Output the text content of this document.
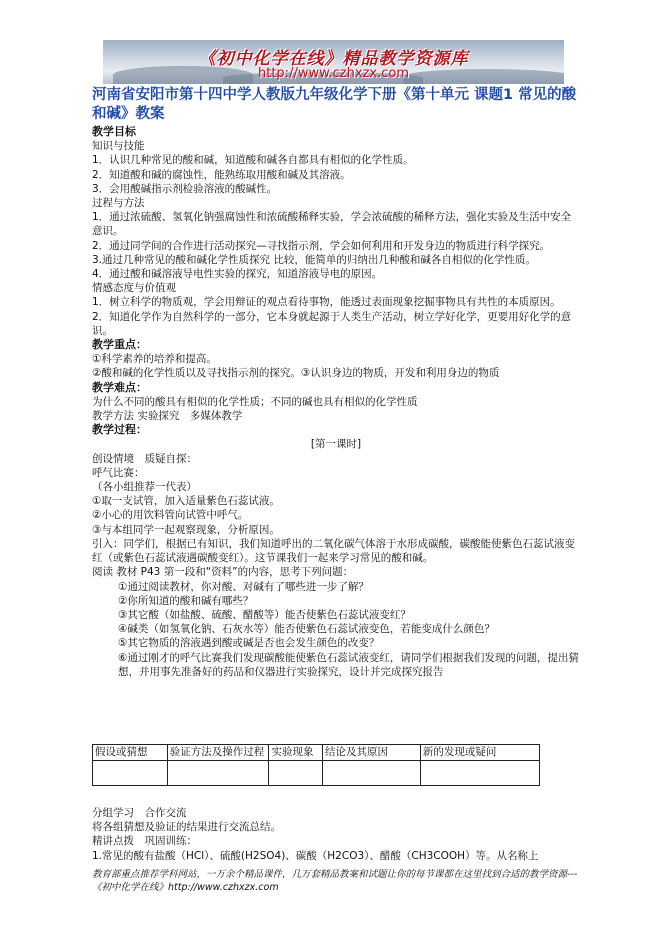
《初中化学在线》精品教学资源库
http://www.czhxzx.com
河南省安阳市第十四中学人教版九年级化学下册《第十单元 课题1 常见的酸和碱》教案

教学目标

知识与技能

1．认识几种常见的酸和碱，知道酸和碱各自都具有相似的化学性质。

2．知道酸和碱的腐蚀性，能熟练取用酸和碱及其溶液。

3．会用酸碱指示剂检验溶液的酸碱性。

过程与方法

1．通过浓硫酸、氢氧化钠强腐蚀性和浓硫酸稀释实验，学会浓硫酸的稀释方法，强化实验及生活中安全意识。

2．通过同学间的合作进行活动探究—寻找指示剂，学会如何利用和开发身边的物质进行科学探究。

3.通过几种常见的酸和碱化学性质探究 比较，能简单的归纳出几种酸和碱各自相似的化学性质。

4．通过酸和碱溶液导电性实验的探究，知道溶液导电的原因。

情感态度与价值观

1．树立科学的物质观，学会用辩证的观点看待事物，能透过表面现象挖掘事物具有共性的本质原因。

2．知道化学作为自然科学的一部分，它本身就起源于人类生产活动，树立学好化学，更要用好化学的意识。

教学重点：

①科学素养的培养和提高。

②酸和碱的化学性质以及寻找指示剂的探究。③认识身边的物质，开发和利用身边的物质

教学难点：

为什么不同的酸具有相似的化学性质；不同的碱也具有相似的化学性质

教学方法 实验探究　多媒体教学

教学过程：

[第一课时]

创设情境　质疑自探：

呼气比赛：

（各小组推荐一代表）

①取一支试管，加入适量紫色石蕊试液。

②小心的用饮料管向试管中呼气。

③与本组同学一起观察现象，分析原因。

引入：同学们，根据已有知识，我们知道呼出的二氧化碳气体溶于水形成碳酸，碳酸能使紫色石蕊试液变红（或紫色石蕊试液遇碳酸变红）。这节课我们一起来学习常见的酸和碱。

阅读 教材 P43 第一段和“资料”的内容，思考下列问题：

①通过阅读教材，你对酸、对碱有了哪些进一步了解？

②你所知道的酸和碱有哪些？

③其它酸（如盐酸、硫酸、醋酸等）能否使紫色石蕊试液变红？

④碱类（如氢氧化钠、石灰水等）能否使紫色石蕊试液变色，若能变成什么颜色？

⑤其它物质的溶液遇到酸或碱是否也会发生颜色的改变？

⑥通过刚才的呼气比赛我们发现碳酸能使紫色石蕊试液变红，请同学们根据我们发现的问题，提出猜想，并用事先准备好的药品和仪器进行实验探究，设计并完成探究报告

假设或猜想	验证方法及操作过程	实验现象	结论及其原因	新的发现或疑问

分组学习　合作交流

将各组猜想及验证的结果进行交流总结。

精讲点拨　巩固训练：

1.常见的酸有盐酸（HCl）、硫酸(H2SO4)、碳酸（H2CO3）、醋酸（CH3COOH）等。从名称上

教育部重点推荐学科网站，一万余个精品课件，几万套精品教案和试题让你的每节课都在这里找到合适的教学资源---《初中化学在线》http://www.czhxzx.com
